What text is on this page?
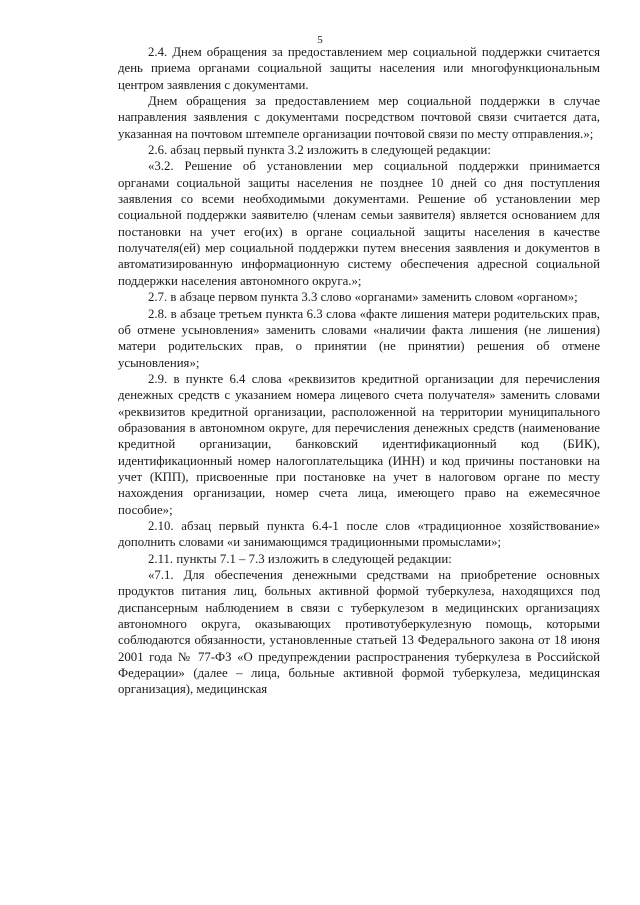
5

2.4. Днем обращения за предоставлением мер социальной поддержки считается день приема органами социальной защиты населения или многофункциональным центром заявления с документами.

Днем обращения за предоставлением мер социальной поддержки в случае направления заявления с документами посредством почтовой связи считается дата, указанная на почтовом штемпеле организации почтовой связи по месту отправления.»;

2.6. абзац первый пункта 3.2 изложить в следующей редакции:

«3.2. Решение об установлении мер социальной поддержки принимается органами социальной защиты населения не позднее 10 дней со дня поступления заявления со всеми необходимыми документами. Решение об установлении мер социальной поддержки заявителю (членам семьи заявителя) является основанием для постановки на учет его(их) в органе социальной защиты населения в качестве получателя(ей) мер социальной поддержки путем внесения заявления и документов в автоматизированную информационную систему обеспечения адресной социальной поддержки населения автономного округа.»;

2.7. в абзаце первом пункта 3.3 слово «органами» заменить словом «органом»;

2.8. в абзаце третьем пункта 6.3 слова «факте лишения матери родительских прав, об отмене усыновления» заменить словами «наличии факта лишения (не лишения) матери родительских прав, о принятии (не принятии) решения об отмене усыновления»;

2.9. в пункте 6.4 слова «реквизитов кредитной организации для перечисления денежных средств с указанием номера лицевого счета получателя» заменить словами «реквизитов кредитной организации, расположенной на территории муниципального образования в автономном округе, для перечисления денежных средств (наименование кредитной организации, банковский идентификационный код (БИК), идентификационный номер налогоплательщика (ИНН) и код причины постановки на учет (КПП), присвоенные при постановке на учет в налоговом органе по месту нахождения организации, номер счета лица, имеющего право на ежемесячное пособие»;

2.10. абзац первый пункта 6.4-1 после слов «традиционное хозяйствование» дополнить словами «и занимающимся традиционными промыслами»;

2.11. пункты 7.1 – 7.3 изложить в следующей редакции:

«7.1. Для обеспечения денежными средствами на приобретение основных продуктов питания лиц, больных активной формой туберкулеза, находящихся под диспансерным наблюдением в связи с туберкулезом в медицинских организациях автономного округа, оказывающих противотуберкулезную помощь, которыми соблюдаются обязанности, установленные статьей 13 Федерального закона от 18 июня 2001 года № 77-ФЗ «О предупреждении распространения туберкулеза в Российской Федерации» (далее – лица, больные активной формой туберкулеза, медицинская организация), медицинская
